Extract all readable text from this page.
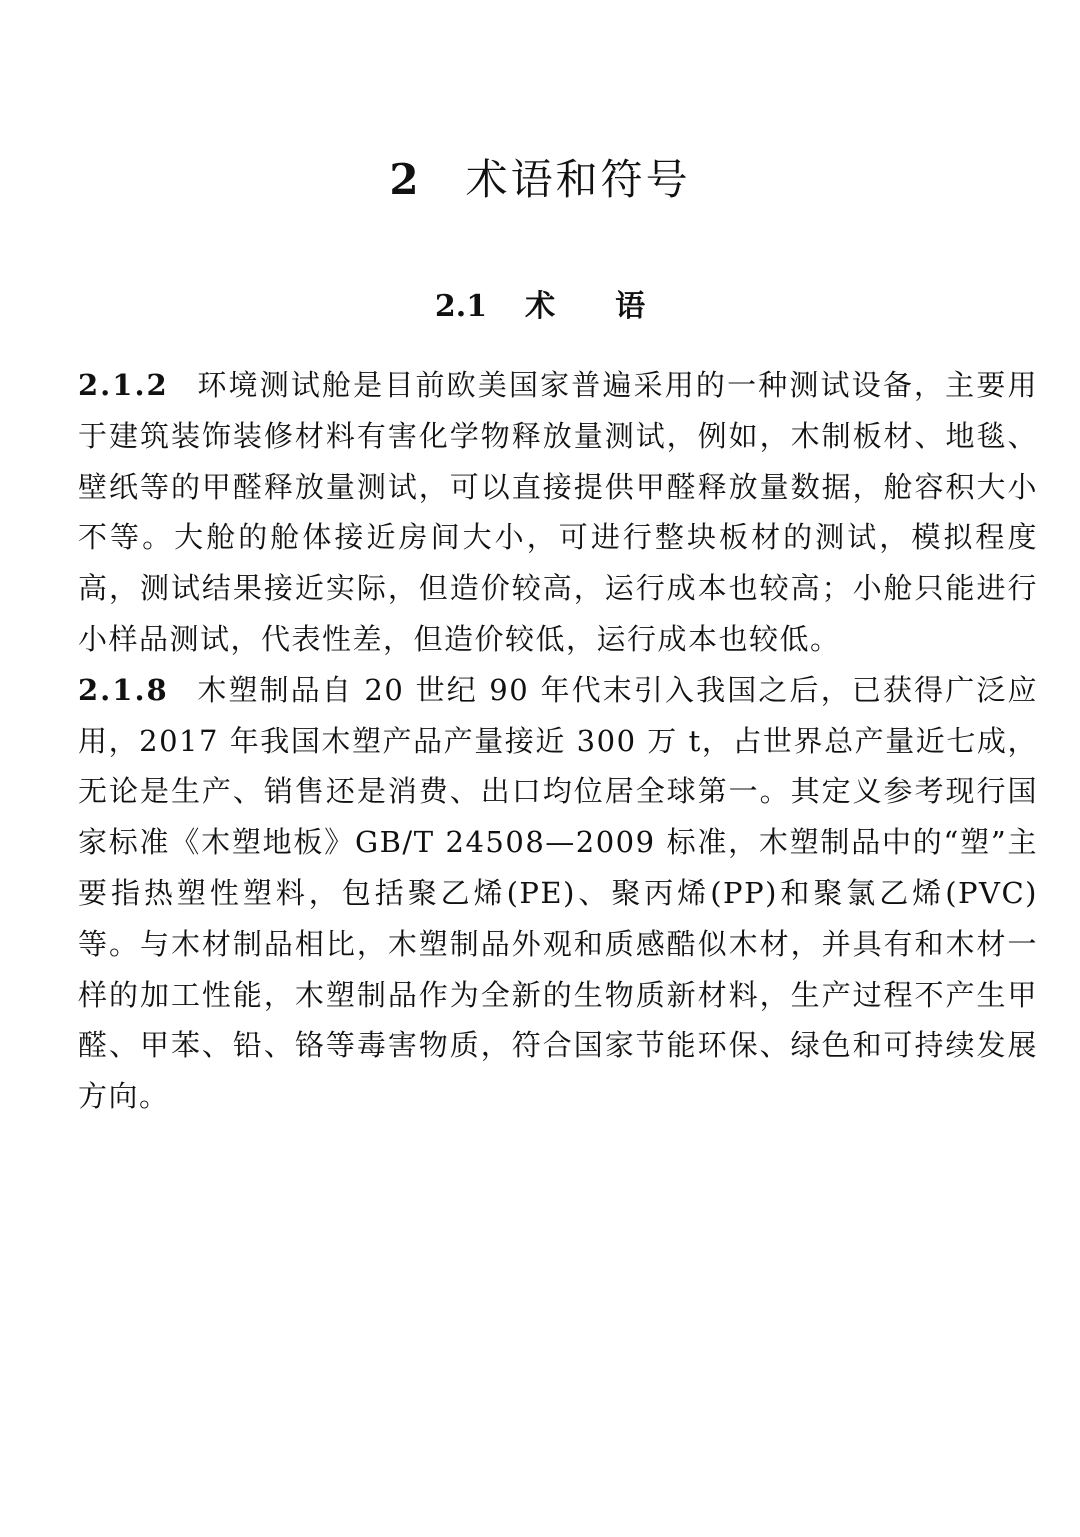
2 术语和符号
2.1 术 语

2.1.2 环境测试舱是目前欧美国家普遍采用的一种测试设备，主要用于建筑装饰装修材料有害化学物释放量测试，例如，木制板材、地毯、壁纸等的甲醛释放量测试，可以直接提供甲醛释放量数据，舱容积大小不等。大舱的舱体接近房间大小，可进行整块板材的测试，模拟程度高，测试结果接近实际，但造价较高，运行成本也较高；小舱只能进行小样品测试，代表性差，但造价较低，运行成本也较低。

2.1.8 木塑制品自 20 世纪 90 年代末引入我国之后，已获得广泛应用，2017 年我国木塑产品产量接近 300 万 t，占世界总产量近七成，无论是生产、销售还是消费、出口均位居全球第一。其定义参考现行国家标准《木塑地板》GB/T 24508—2009 标准，木塑制品中的“塑”主要指热塑性塑料，包括聚乙烯(PE)、聚丙烯(PP)和聚氯乙烯(PVC)等。与木材制品相比，木塑制品外观和质感酷似木材，并具有和木材一样的加工性能，木塑制品作为全新的生物质新材料，生产过程不产生甲醛、甲苯、铅、铬等毒害物质，符合国家节能环保、绿色和可持续发展方向。
